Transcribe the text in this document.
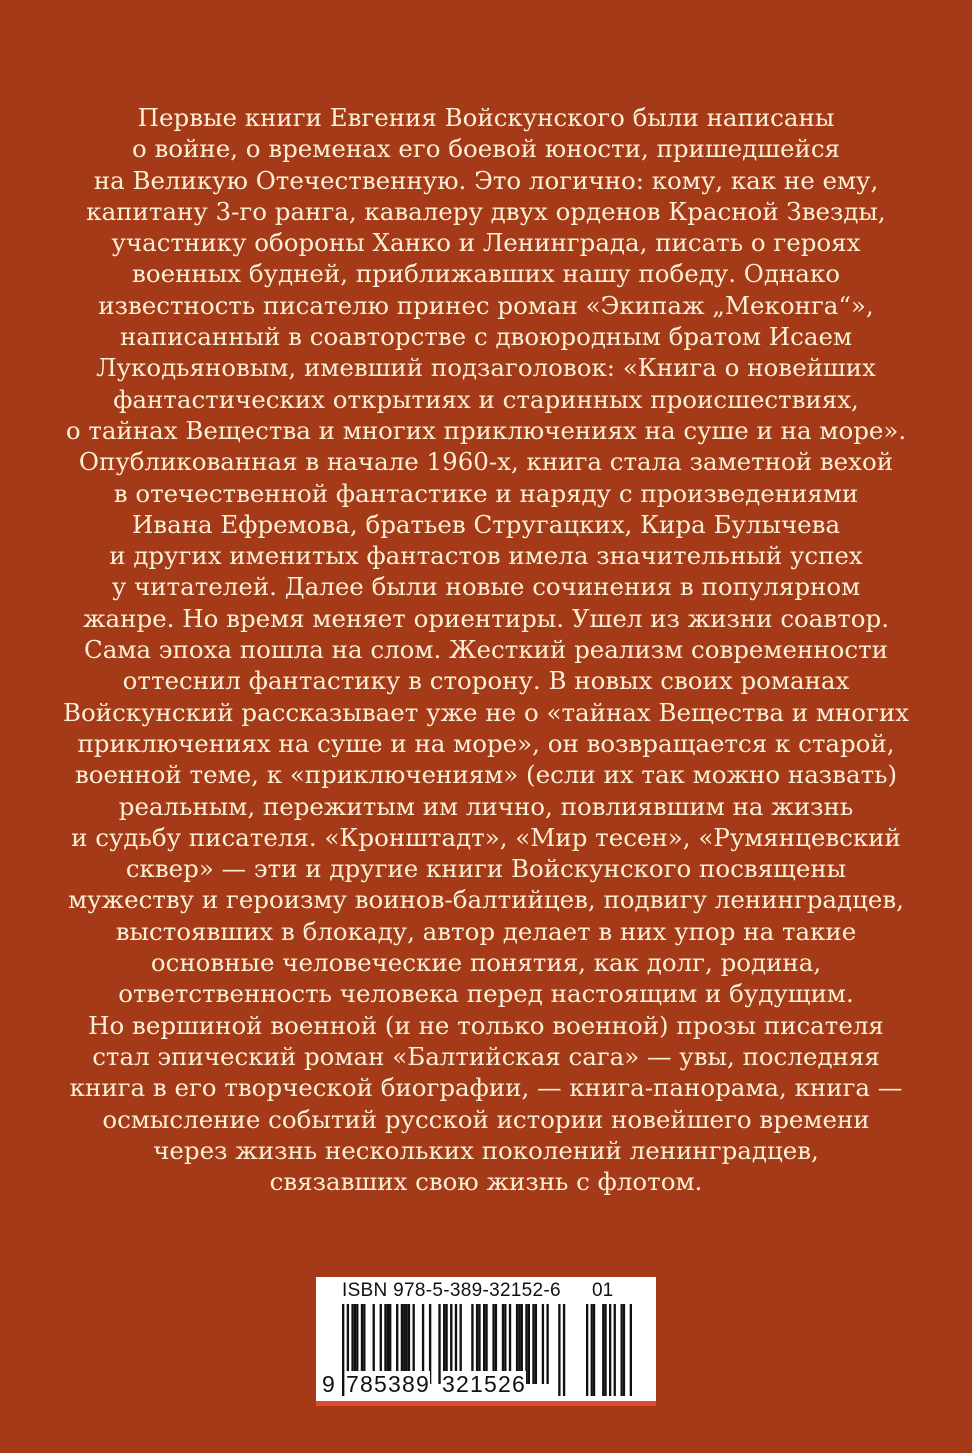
Первые книги Евгения Войскунского были написаны
о войне, о временах его боевой юности, пришедшейся
на Великую Отечественную. Это логично: кому, как не ему,
капитану 3-го ранга, кавалеру двух орденов Красной Звезды,
участнику обороны Ханко и Ленинграда, писать о героях
военных будней, приближавших нашу победу. Однако
известность писателю принес роман «Экипаж „Меконга“»,
написанный в соавторстве с двоюродным братом Исаем
Лукодьяновым, имевший подзаголовок: «Книга о новейших
фантастических открытиях и старинных происшествиях,
о тайнах Вещества и многих приключениях на суше и на море».
Опубликованная в начале 1960-х, книга стала заметной вехой
в отечественной фантастике и наряду с произведениями
Ивана Ефремова, братьев Стругацких, Кира Булычева
и других именитых фантастов имела значительный успех
у читателей. Далее были новые сочинения в популярном
жанре. Но время меняет ориентиры. Ушел из жизни соавтор.
Сама эпоха пошла на слом. Жесткий реализм современности
оттеснил фантастику в сторону. В новых своих романах
Войскунский рассказывает уже не о «тайнах Вещества и многих
приключениях на суше и на море», он возвращается к старой,
военной теме, к «приключениям» (если их так можно назвать)
реальным, пережитым им лично, повлиявшим на жизнь
и судьбу писателя. «Кронштадт», «Мир тесен», «Румянцевский
сквер» — эти и другие книги Войскунского посвящены
мужеству и героизму воинов-балтийцев, подвигу ленинградцев,
выстоявших в блокаду, автор делает в них упор на такие
основные человеческие понятия, как долг, родина,
ответственность человека перед настоящим и будущим.
Но вершиной военной (и не только военной) прозы писателя
стал эпический роман «Балтийская сага» — увы, последняя
книга в его творческой биографии, — книга-панорама, книга —
осмысление событий русской истории новейшего времени
через жизнь нескольких поколений ленинградцев,
связавших свою жизнь с флотом.
ISBN 978-5-389-32152-6 01
9 785389 321526
